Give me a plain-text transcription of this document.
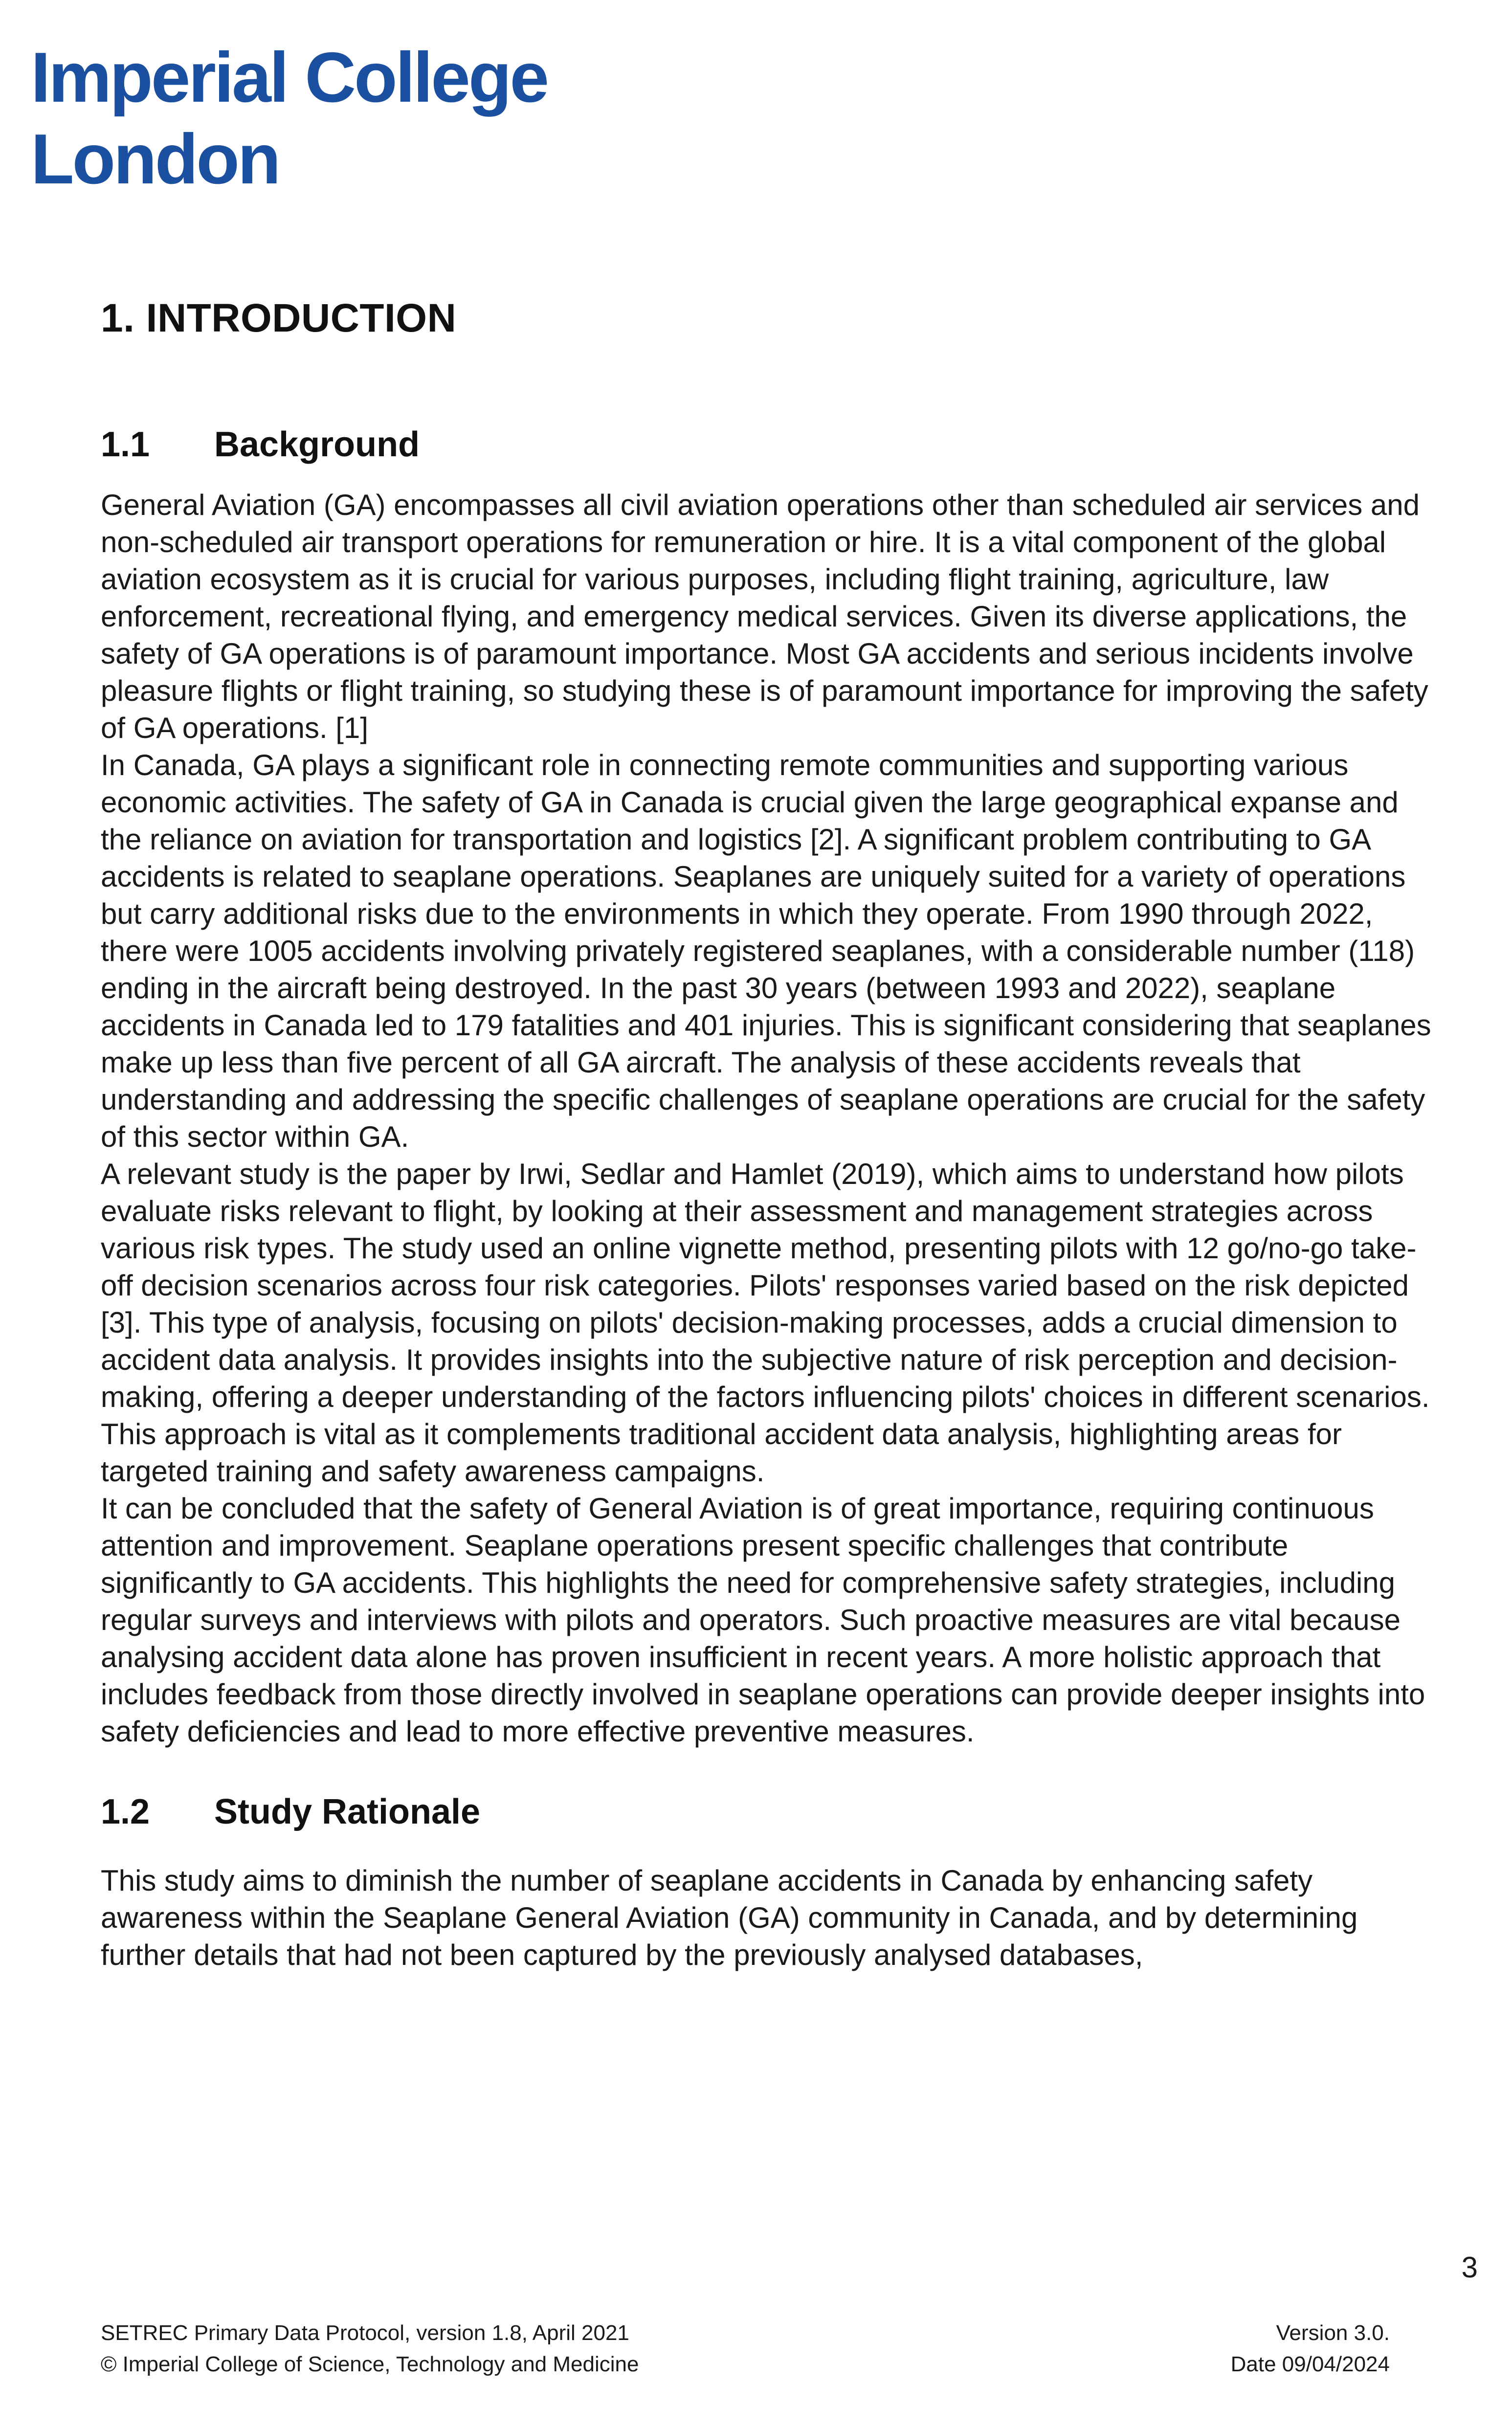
Imperial College
London
1. INTRODUCTION
1.1 Background

General Aviation (GA) encompasses all civil aviation operations other than scheduled air services and non-scheduled air transport operations for remuneration or hire. It is a vital component of the global aviation ecosystem as it is crucial for various purposes, including flight training, agriculture, law enforcement, recreational flying, and emergency medical services. Given its diverse applications, the safety of GA operations is of paramount importance. Most GA accidents and serious incidents involve pleasure flights or flight training, so studying these is of paramount importance for improving the safety of GA operations. [1]

In Canada, GA plays a significant role in connecting remote communities and supporting various economic activities. The safety of GA in Canada is crucial given the large geographical expanse and the reliance on aviation for transportation and logistics [2]. A significant problem contributing to GA accidents is related to seaplane operations. Seaplanes are uniquely suited for a variety of operations but carry additional risks due to the environments in which they operate. From 1990 through 2022, there were 1005 accidents involving privately registered seaplanes, with a considerable number (118) ending in the aircraft being destroyed. In the past 30 years (between 1993 and 2022), seaplane accidents in Canada led to 179 fatalities and 401 injuries. This is significant considering that seaplanes make up less than five percent of all GA aircraft. The analysis of these accidents reveals that understanding and addressing the specific challenges of seaplane operations are crucial for the safety of this sector within GA.

A relevant study is the paper by Irwi, Sedlar and Hamlet (2019), which aims to understand how pilots evaluate risks relevant to flight, by looking at their assessment and management strategies across various risk types. The study used an online vignette method, presenting pilots with 12 go/no-go take-off decision scenarios across four risk categories. Pilots' responses varied based on the risk depicted [3]. This type of analysis, focusing on pilots' decision-making processes, adds a crucial dimension to accident data analysis. It provides insights into the subjective nature of risk perception and decision-making, offering a deeper understanding of the factors influencing pilots' choices in different scenarios. This approach is vital as it complements traditional accident data analysis, highlighting areas for targeted training and safety awareness campaigns.

It can be concluded that the safety of General Aviation is of great importance, requiring continuous attention and improvement. Seaplane operations present specific challenges that contribute significantly to GA accidents. This highlights the need for comprehensive safety strategies, including regular surveys and interviews with pilots and operators. Such proactive measures are vital because analysing accident data alone has proven insufficient in recent years. A more holistic approach that includes feedback from those directly involved in seaplane operations can provide deeper insights into safety deficiencies and lead to more effective preventive measures.

1.2 Study Rationale

This study aims to diminish the number of seaplane accidents in Canada by enhancing safety awareness within the Seaplane General Aviation (GA) community in Canada, and by determining further details that had not been captured by the previously analysed databases,

3
SETREC Primary Data Protocol, version 1.8, April 2021
© Imperial College of Science, Technology and Medicine
Version 3.0.
Date 09/04/2024
